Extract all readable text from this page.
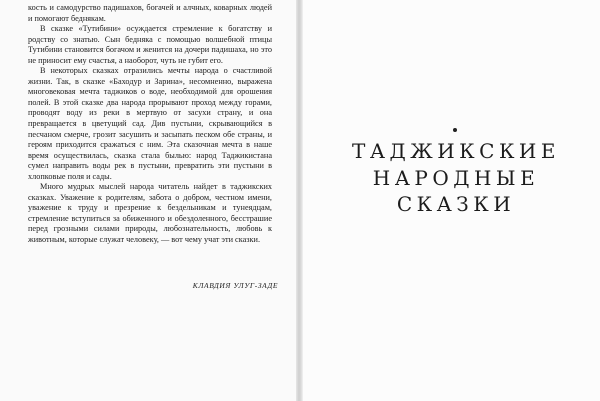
кость и самодурство падишахов, богачей и алчных, коварных людей и помогают беднякам.

В сказке «Тутибини» осуждается стремление к богатству и родству со знатью. Сын бедняка с помощью волшебной птицы Тутибини становится богачом и женится на дочери падишаха, но это не приносит ему счастья, а наоборот, чуть не губит его.

В некоторых сказках отразились мечты народа о счастливой жизни. Так, в сказке «Баходур и Зарина», несомненно, выражена многовековая мечта таджиков о воде, необходимой для орошения полей. В этой сказке два народа прорывают проход между горами, проводят воду из реки в мертвую от засухи страну, и она превращается в цветущий сад. Див пустыни, скрывающийся в песчаном смерче, грозит засушить и засыпать песком обе страны, и героям приходится сражаться с ним. Эта сказочная мечта в наше время осуществилась, сказка стала былью: народ Таджикистана сумел направить воды рек в пустыни, превратить эти пустыни в хлопковые поля и сады.

Много мудрых мыслей народа читатель найдет в таджикских сказках. Уважение к родителям, забота о добром, честном имени, уважение к труду и презрение к бездельникам и тунеядцам, стремление вступиться за обиженного и обездоленного, бесстрашие перед грозными силами природы, любознательность, любовь к животным, которые служат человеку, — вот чему учат эти сказки.

КЛАВДИЯ УЛУГ-ЗАДЕ
ТАДЖИКСКИЕ
НАРОДНЫЕ
СКАЗКИ
